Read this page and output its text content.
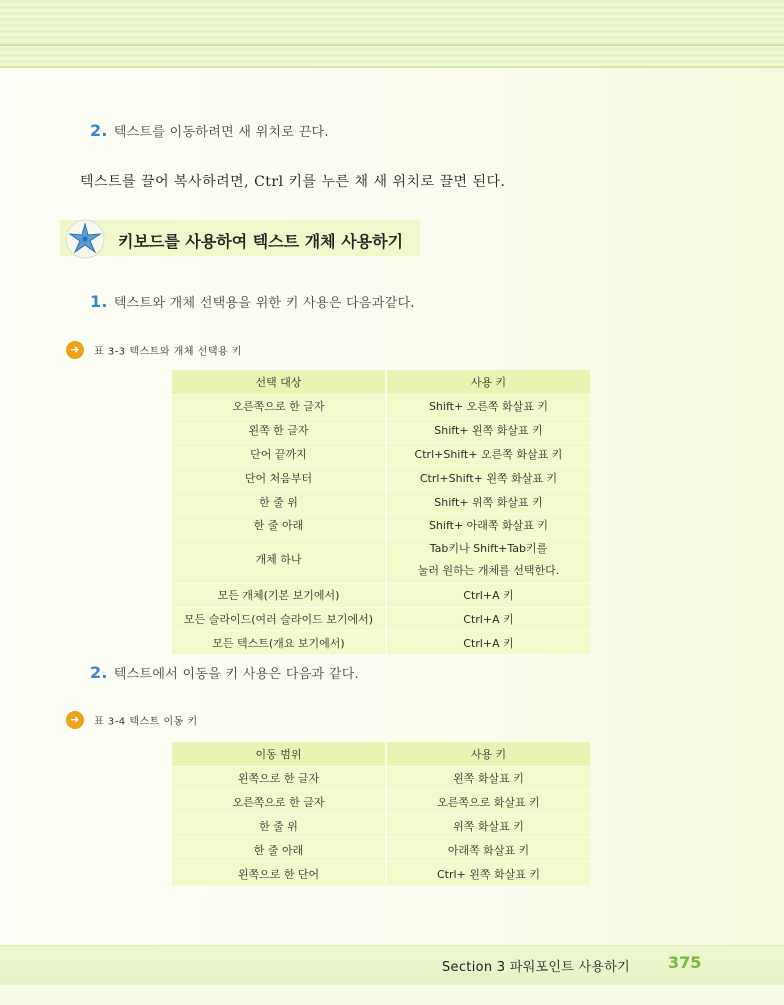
2. 텍스트를 이동하려면 새 위치로 끈다.
텍스트를 끌어 복사하려면, Ctrl 키를 누른 채 새 위치로 끌면 된다.
키보드를 사용하여 텍스트 개체 사용하기
1. 텍스트와 개체 선택용을 위한 키 사용은 다음과같다.
➜ 표 3-3 텍스트와 개체 선택용 키
선택 대상	사용 키
오른쪽으로 한 글자	Shift+ 오른쪽 화살표 키
왼쪽 한 글자	Shift+ 왼쪽 화살표 키
단어 끝까지	Ctrl+Shift+ 오른쪽 화살표 키
단어 처음부터	Ctrl+Shift+ 왼쪽 화살표 키
한 줄 위	Shift+ 위쪽 화살표 키
한 줄 아래	Shift+ 아래쪽 화살표 키
개체 하나	Tab키나 Shift+Tab키를
눌러 원하는 개체를 선택한다.

모든 개체(기본 보기에서)	Ctrl+A 키
모든 슬라이드(여러 슬라이드 보기에서)	Ctrl+A 키
모든 텍스트(개요 보기에서)	Ctrl+A 키
2. 텍스트에서 이동을 키 사용은 다음과 같다.
➜ 표 3-4 텍스트 이동 키
이동 범위	사용 키
왼쪽으로 한 글자	왼쪽 화살표 키
오른쪽으로 한 글자	오른쪽으로 화살표 키
한 줄 위	위쪽 화살표 키
한 줄 아래	아래쪽 화살표 키
왼쪽으로 한 단어	Ctrl+ 왼쪽 화살표 키
Section 3 파워포인트 사용하기 375
